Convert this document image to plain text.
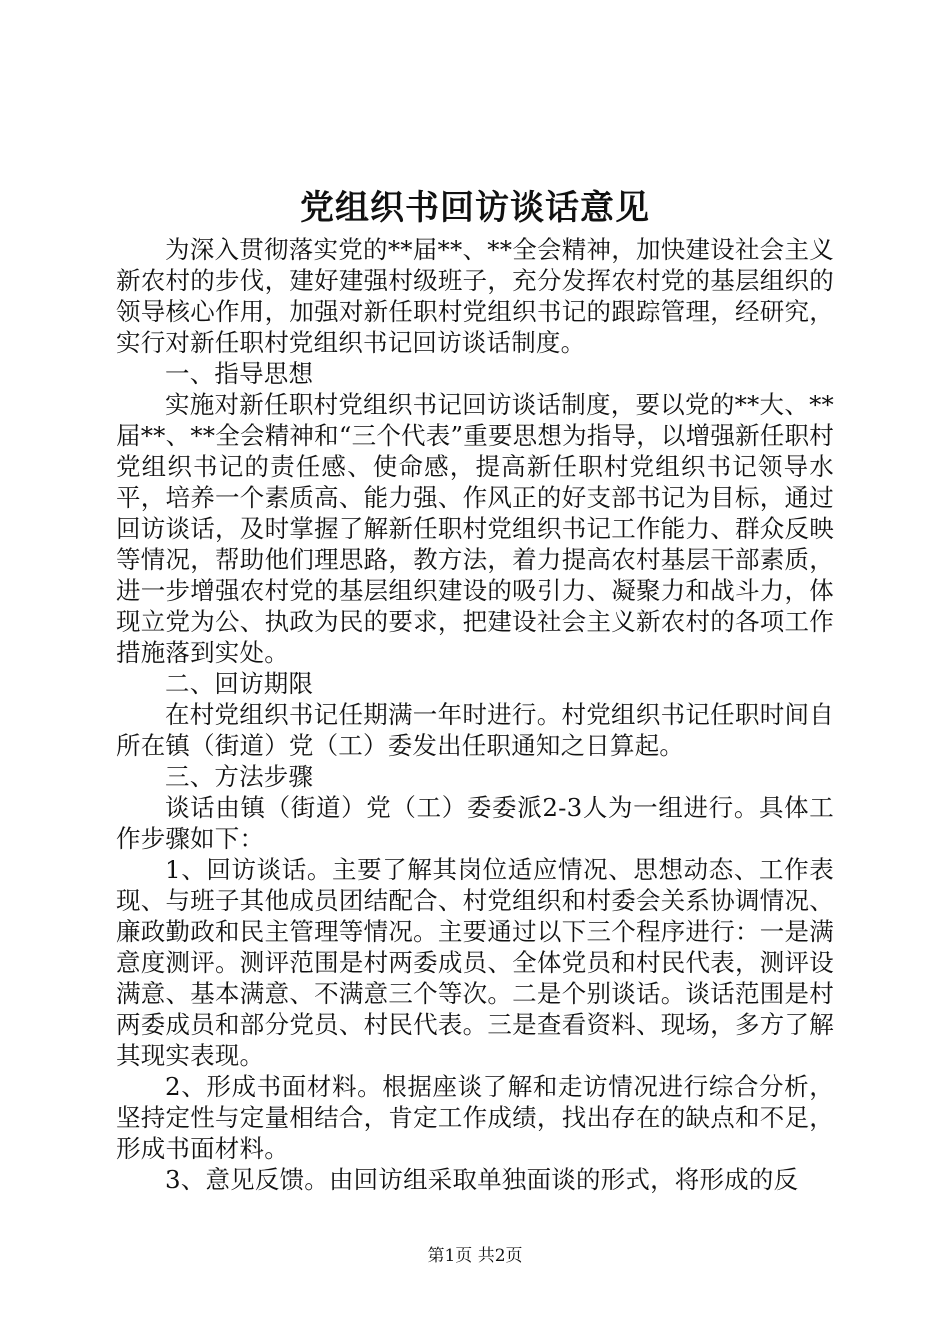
党组织书回访谈话意见

为深入贯彻落实党的**届**、**全会精神，加快建设社会主义新农村的步伐，建好建强村级班子，充分发挥农村党的基层组织的领导核心作用，加强对新任职村党组织书记的跟踪管理，经研究，实行对新任职村党组织书记回访谈话制度。

一、指导思想

实施对新任职村党组织书记回访谈话制度，要以党的**大、**届**、**全会精神和“三个代表”重要思想为指导，以增强新任职村党组织书记的责任感、使命感，提高新任职村党组织书记领导水平，培养一个素质高、能力强、作风正的好支部书记为目标，通过回访谈话，及时掌握了解新任职村党组织书记工作能力、群众反映等情况，帮助他们理思路，教方法，着力提高农村基层干部素质，进一步增强农村党的基层组织建设的吸引力、凝聚力和战斗力，体现立党为公、执政为民的要求，把建设社会主义新农村的各项工作措施落到实处。

二、回访期限

在村党组织书记任期满一年时进行。村党组织书记任职时间自所在镇（街道）党（工）委发出任职通知之日算起。

三、方法步骤

谈话由镇（街道）党（工）委委派2-3人为一组进行。具体工作步骤如下：

1、回访谈话。主要了解其岗位适应情况、思想动态、工作表现、与班子其他成员团结配合、村党组织和村委会关系协调情况、廉政勤政和民主管理等情况。主要通过以下三个程序进行：一是满意度测评。测评范围是村两委成员、全体党员和村民代表，测评设满意、基本满意、不满意三个等次。二是个别谈话。谈话范围是村两委成员和部分党员、村民代表。三是查看资料、现场，多方了解其现实表现。

2、形成书面材料。根据座谈了解和走访情况进行综合分析，坚持定性与定量相结合，肯定工作成绩，找出存在的缺点和不足，形成书面材料。

3、意见反馈。由回访组采取单独面谈的形式，将形成的反

第1页 共2页
